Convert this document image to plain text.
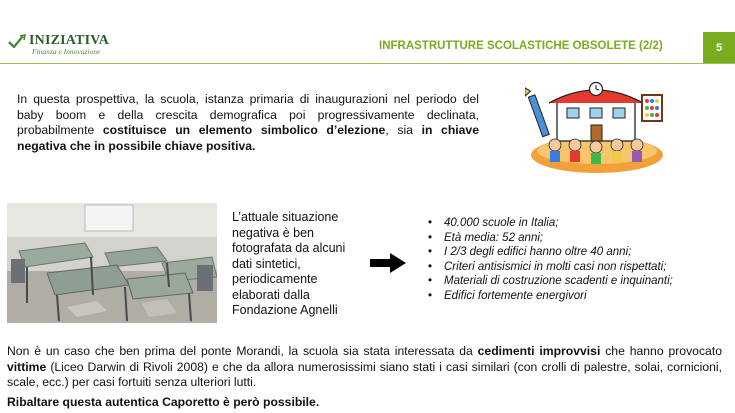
INIZIATIVA
Finanza e Innovazione	INFRASTRUTTURE SCOLASTICHE OBSOLETE (2/2)	5
In questa prospettiva, la scuola, istanza primaria di inaugurazioni nel periodo del baby boom e della crescita demografica poi progressivamente declinata, probabilmente costituisce un elemento simbolico d’elezione, sia in chiave negativa che in possibile chiave positiva.
L’attuale situazione negativa è ben fotografata da alcuni dati sintetici, periodicamente elaborati dalla Fondazione Agnelli
• 40.000 scuole in Italia;
• Età media: 52 anni;
• I 2/3 degli edifici hanno oltre 40 anni;
• Criteri antisismici in molti casi non rispettati;
• Materiali di costruzione scadenti e inquinanti;
• Edifici fortemente energivori
Non è un caso che ben prima del ponte Morandi, la scuola sia stata interessata da cedimenti improvvisi che hanno provocato vittime (Liceo Darwin di Rivoli 2008) e che da allora numerosissimi siano stati i casi similari (con crolli di palestre, solai, cornicioni, scale, ecc.) per casi fortuiti senza ulteriori lutti.
Ribaltare questa autentica Caporetto è però possibile.
